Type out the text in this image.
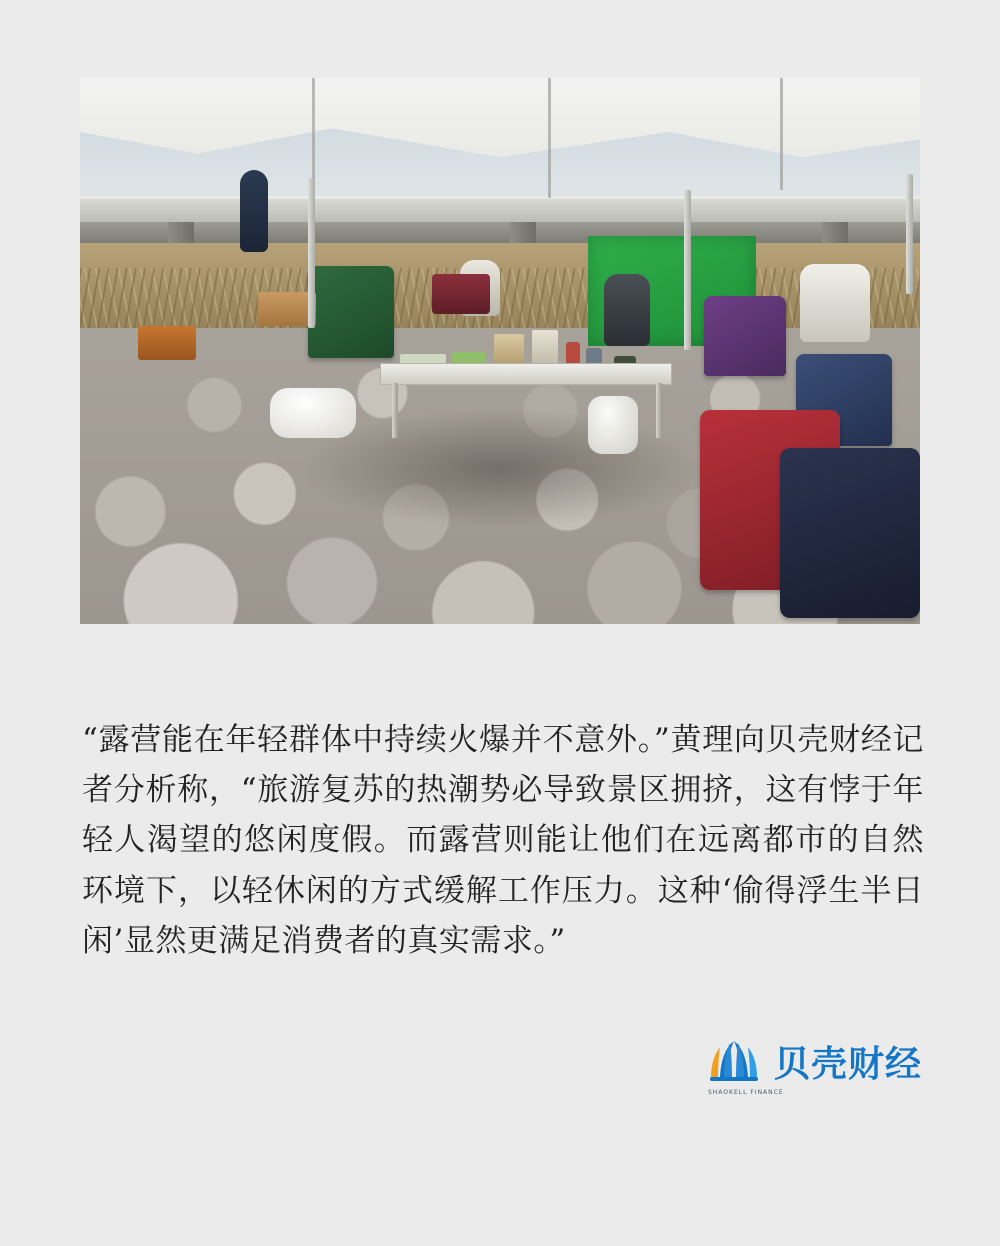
“露营能在年轻群体中持续火爆并不意外。”黄理向贝壳财经记者分析称，“旅游复苏的热潮势必导致景区拥挤，这有悖于年轻人渴望的悠闲度假。而露营则能让他们在远离都市的自然环境下，以轻休闲的方式缓解工作压力。这种‘偷得浮生半日闲’显然更满足消费者的真实需求。”

SHAOKELL FINANCE
贝壳财经
